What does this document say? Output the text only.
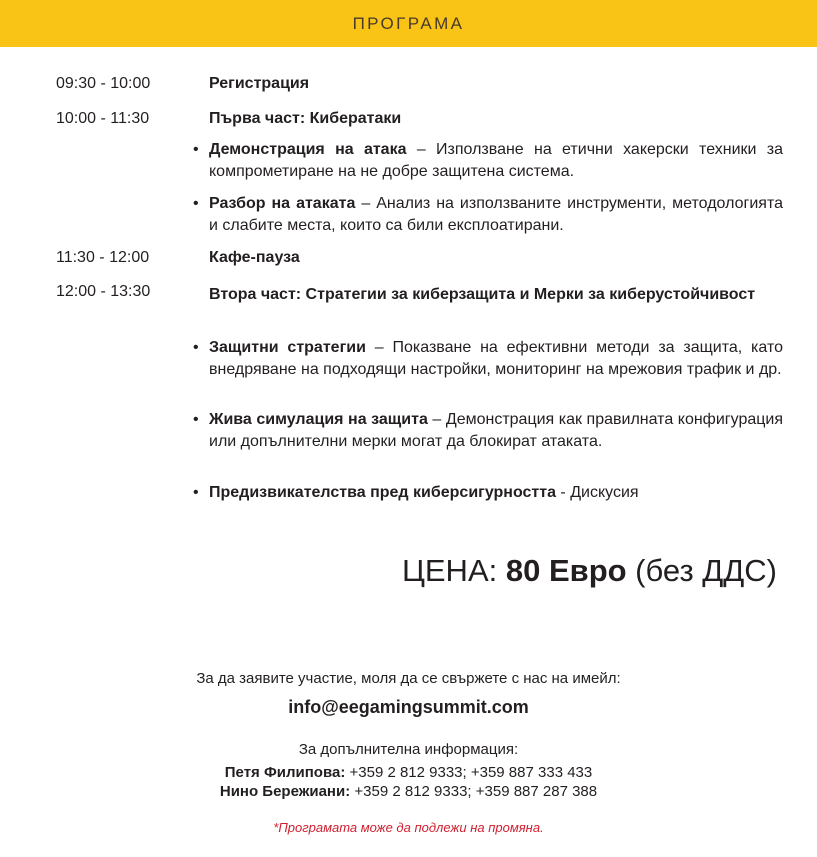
ПРОГРАМА
09:30 - 10:00	Регистрация
10:00 - 11:30	Първа част: Кибератаки
• Демонстрация на атака – Използване на етични хакерски техники за компрометиране на не добре защитена система.
• Разбор на атаката – Анализ на използваните инструменти, методологията и слабите места, които са били експлоатирани.
11:30 - 12:00	Кафе-пауза
12:00 - 13:30	Втора част: Стратегии за киберзащита и Мерки за киберустойчивост
• Защитни стратегии – Показване на ефективни методи за защита, като внедряване на подходящи настройки, мониторинг на мрежовия трафик и др.
• Жива симулация на защита – Демонстрация как правилната конфигурация или допълнителни мерки могат да блокират атаката.
• Предизвикателства пред киберсигурността - Дискусия
ЦЕНА: 80 Евро (без ДДС)
За да заявите участие, моля да се свържете с нас на имейл:
info@eegamingsummit.com
За допълнителна информация:
Петя Филипова: +359 2 812 9333; +359 887 333 433
Нино Бережиани: +359 2 812 9333; +359 887 287 388
*Програмата може да подлежи на промяна.
